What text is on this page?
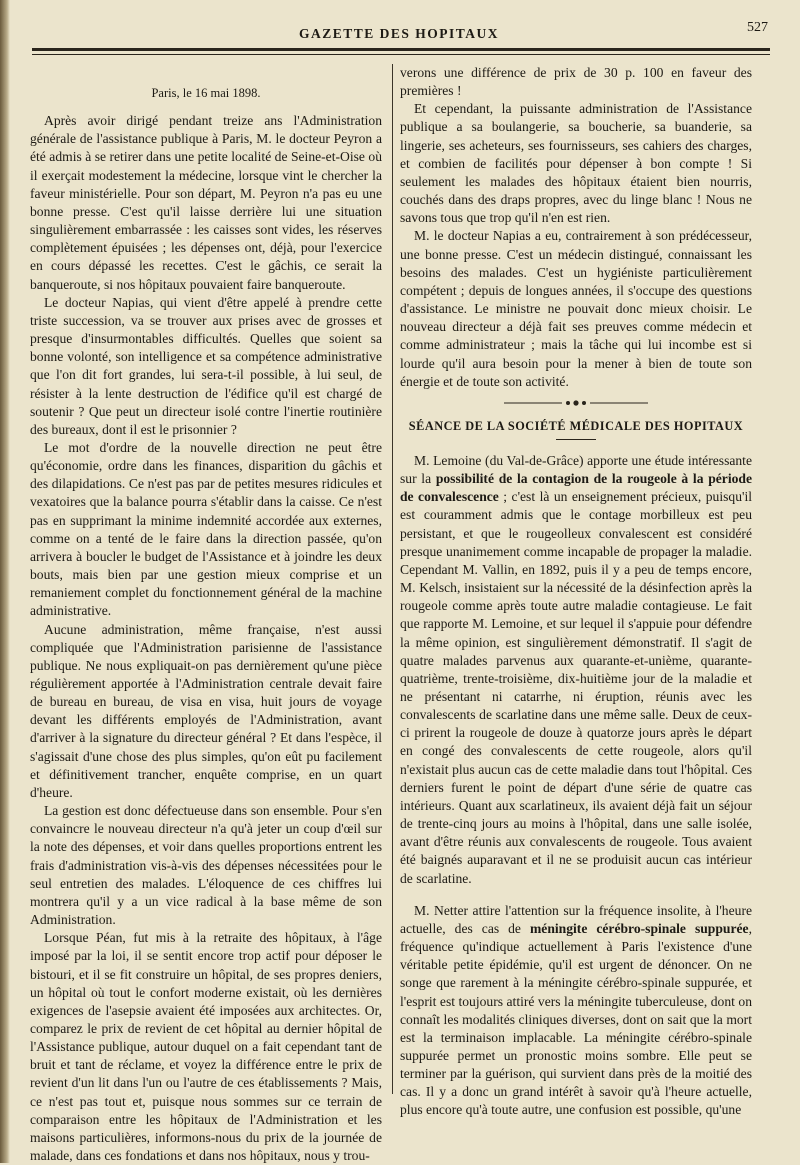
GAZETTE DES HOPITAUX	527
Paris, le 16 mai 1898.

Après avoir dirigé pendant treize ans l'Administration générale de l'assistance publique à Paris, M. le docteur Peyron a été admis à se retirer dans une petite localité de Seine-et-Oise où il exerçait modestement la médecine, lorsque vint le chercher la faveur ministérielle. Pour son départ, M. Peyron n'a pas eu une bonne presse. C'est qu'il laisse derrière lui une situation singulièrement embarrassée : les caisses sont vides, les réserves complètement épuisées ; les dépenses ont, déjà, pour l'exercice en cours dépassé les recettes. C'est le gâchis, ce serait la banqueroute, si nos hôpitaux pouvaient faire banqueroute.

Le docteur Napias, qui vient d'être appelé à prendre cette triste succession, va se trouver aux prises avec de grosses et presque d'insurmontables difficultés. Quelles que soient sa bonne volonté, son intelligence et sa compétence administrative que l'on dit fort grandes, lui sera-t-il possible, à lui seul, de résister à la lente destruction de l'édifice qu'il est chargé de soutenir ? Que peut un directeur isolé contre l'inertie routinière des bureaux, dont il est le prisonnier ?

Le mot d'ordre de la nouvelle direction ne peut être qu'économie, ordre dans les finances, disparition du gâchis et des dilapidations. Ce n'est pas par de petites mesures ridicules et vexatoires que la balance pourra s'établir dans la caisse. Ce n'est pas en supprimant la minime indemnité accordée aux externes, comme on a tenté de le faire dans la direction passée, qu'on arrivera à boucler le budget de l'Assistance et à joindre les deux bouts, mais bien par une gestion mieux comprise et un remaniement complet du fonctionnement général de la machine administrative.

Aucune administration, même française, n'est aussi compliquée que l'Administration parisienne de l'assistance publique. Ne nous expliquait-on pas dernièrement qu'une pièce régulièrement apportée à l'Administration centrale devait faire de bureau en bureau, de visa en visa, huit jours de voyage devant les différents employés de l'Administration, avant d'arriver à la signature du directeur général ? Et dans l'espèce, il s'agissait d'une chose des plus simples, qu'on eût pu facilement et définitivement trancher, enquête comprise, en un quart d'heure.

La gestion est donc défectueuse dans son ensemble. Pour s'en convaincre le nouveau directeur n'a qu'à jeter un coup d'œil sur la note des dépenses, et voir dans quelles proportions entrent les frais d'administration vis-à-vis des dépenses nécessitées pour le seul entretien des malades. L'éloquence de ces chiffres lui montrera qu'il y a un vice radical à la base même de son Administration.

Lorsque Péan, fut mis à la retraite des hôpitaux, à l'âge imposé par la loi, il se sentit encore trop actif pour déposer le bistouri, et il se fit construire un hôpital, de ses propres deniers, un hôpital où tout le confort moderne existait, où les dernières exigences de l'asepsie avaient été imposées aux architectes. Or, comparez le prix de revient de cet hôpital au dernier hôpital de l'Assistance publique, autour duquel on a fait cependant tant de bruit et tant de réclame, et voyez la différence entre le prix de revient d'un lit dans l'un ou l'autre de ces établissements ? Mais, ce n'est pas tout et, puisque nous sommes sur ce terrain de comparaison entre les hôpitaux de l'Administration et les maisons particulières, informons-nous du prix de la journée de malade, dans ces fondations et dans nos hôpitaux, nous y trou-

verons une différence de prix de 30 p. 100 en faveur des premières !

Et cependant, la puissante administration de l'Assistance publique a sa boulangerie, sa boucherie, sa buanderie, sa lingerie, ses acheteurs, ses fournisseurs, ses cahiers des charges, et combien de facilités pour dépenser à bon compte ! Si seulement les malades des hôpitaux étaient bien nourris, couchés dans des draps propres, avec du linge blanc ! Nous ne savons tous que trop qu'il n'en est rien.

M. le docteur Napias a eu, contrairement à son prédécesseur, une bonne presse. C'est un médecin distingué, connaissant les besoins des malades. C'est un hygiéniste particulièrement compétent ; depuis de longues années, il s'occupe des questions d'assistance. Le ministre ne pouvait donc mieux choisir. Le nouveau directeur a déjà fait ses preuves comme médecin et comme administrateur ; mais la tâche qui lui incombe est si lourde qu'il aura besoin pour la mener à bien de toute son énergie et de toute son activité.

SÉANCE DE LA SOCIÉTÉ MÉDICALE DES HOPITAUX

M. Lemoine (du Val-de-Grâce) apporte une étude intéressante sur la possibilité de la contagion de la rougeole à la période de convalescence ; c'est là un enseignement précieux, puisqu'il est couramment admis que le contage morbilleux est peu persistant, et que le rougeolleux convalescent est considéré presque unanimement comme incapable de propager la maladie. Cependant M. Vallin, en 1892, puis il y a peu de temps encore, M. Kelsch, insistaient sur la nécessité de la désinfection après la rougeole comme après toute autre maladie contagieuse. Le fait que rapporte M. Lemoine, et sur lequel il s'appuie pour défendre la même opinion, est singulièrement démonstratif. Il s'agit de quatre malades parvenus aux quarante-et-unième, quarante-quatrième, trente-troisième, dix-huitième jour de la maladie et ne présentant ni catarrhe, ni éruption, réunis avec les convalescents de scarlatine dans une même salle. Deux de ceux-ci prirent la rougeole de douze à quatorze jours après le départ en congé des convalescents de cette rougeole, alors qu'il n'existait plus aucun cas de cette maladie dans tout l'hôpital. Ces derniers furent le point de départ d'une série de quatre cas intérieurs. Quant aux scarlatineux, ils avaient déjà fait un séjour de trente-cinq jours au moins à l'hôpital, dans une salle isolée, avant d'être réunis aux convalescents de rougeole. Tous avaient été baignés auparavant et il ne se produisit aucun cas intérieur de scarlatine.

M. Netter attire l'attention sur la fréquence insolite, à l'heure actuelle, des cas de méningite cérébro-spinale suppurée, fréquence qu'indique actuellement à Paris l'existence d'une véritable petite épidémie, qu'il est urgent de dénoncer. On ne songe que rarement à la méningite cérébro-spinale suppurée, et l'esprit est toujours attiré vers la méningite tuberculeuse, dont on connaît les modalités cliniques diverses, dont on sait que la mort est la terminaison implacable. La méningite cérébro-spinale suppurée permet un pronostic moins sombre. Elle peut se terminer par la guérison, qui survient dans près de la moitié des cas. Il y a donc un grand intérêt à savoir qu'à l'heure actuelle, plus encore qu'à toute autre, une confusion est possible, qu'une
